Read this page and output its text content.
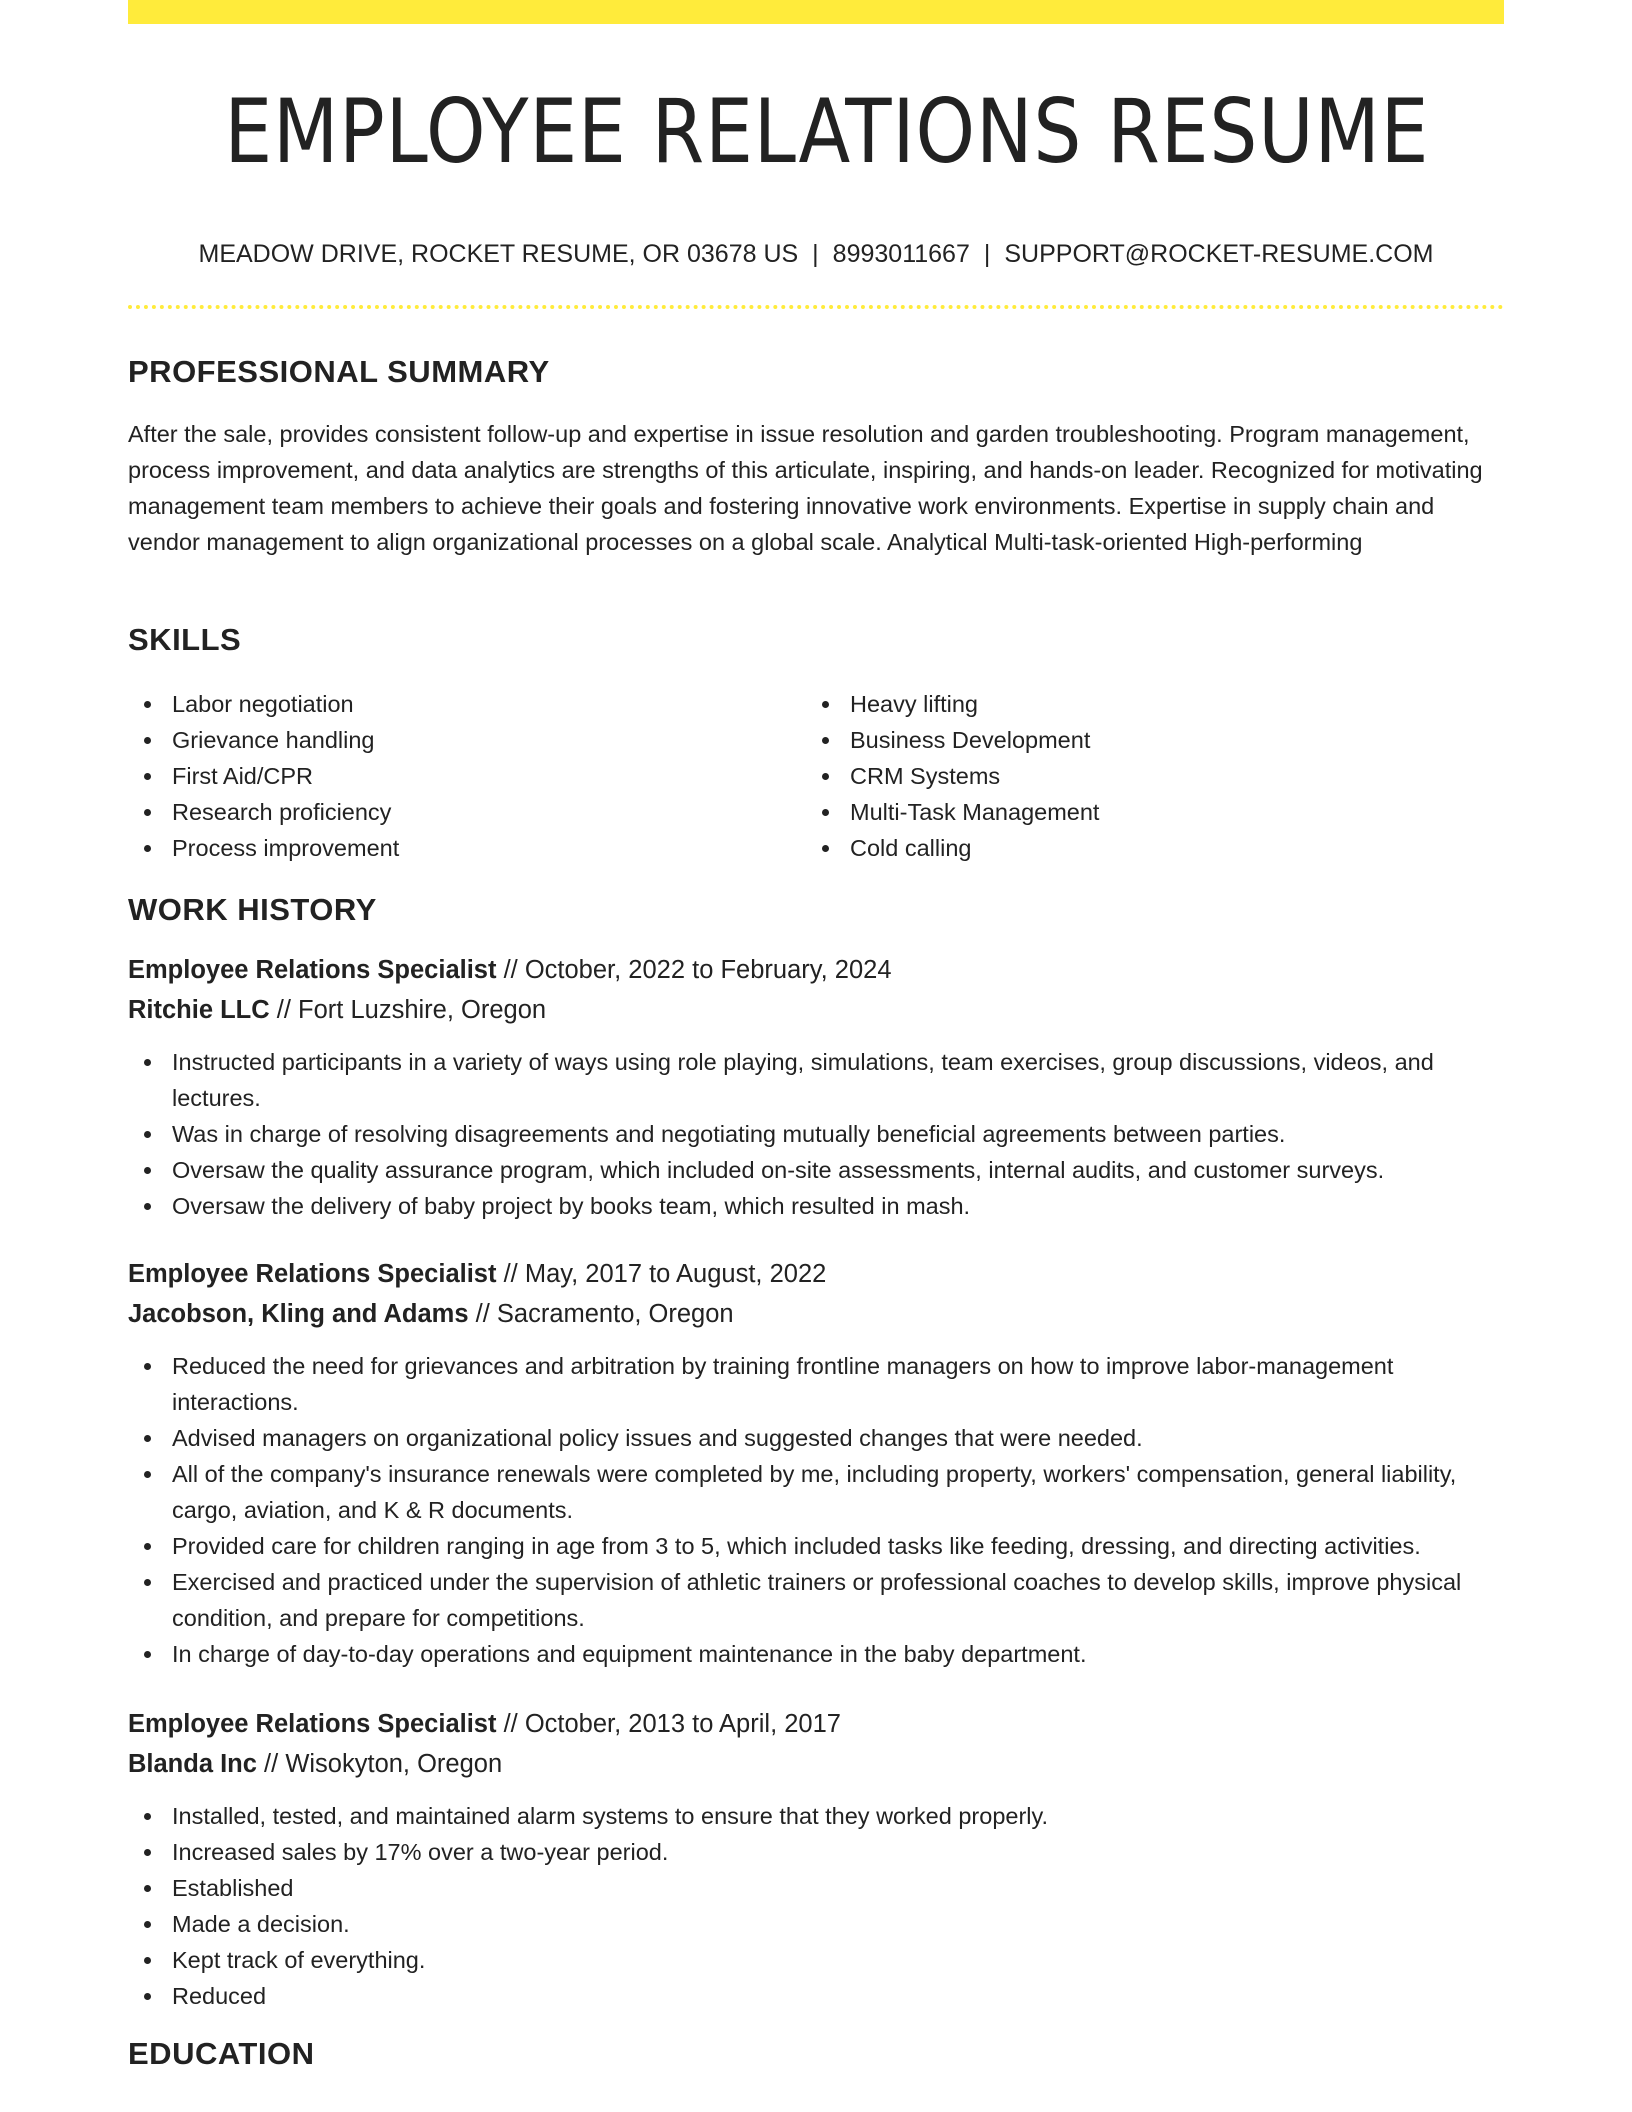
EMPLOYEE RELATIONS RESUME
MEADOW DRIVE, ROCKET RESUME, OR 03678 US | 8993011667 | SUPPORT@ROCKET-RESUME.COM
PROFESSIONAL SUMMARY

After the sale, provides consistent follow-up and expertise in issue resolution and garden troubleshooting. Program management, process improvement, and data analytics are strengths of this articulate, inspiring, and hands-on leader. Recognized for motivating management team members to achieve their goals and fostering innovative work environments. Expertise in supply chain and vendor management to align organizational processes on a global scale. Analytical Multi-task-oriented High-performing

SKILLS
Labor negotiation
Grievance handling
First Aid/CPR
Research proficiency
Process improvement
Heavy lifting
Business Development
CRM Systems
Multi-Task Management
Cold calling
WORK HISTORY
Employee Relations Specialist // October, 2022 to February, 2024
Ritchie LLC // Fort Luzshire, Oregon
Instructed participants in a variety of ways using role playing, simulations, team exercises, group discussions, videos, and lectures.
Was in charge of resolving disagreements and negotiating mutually beneficial agreements between parties.
Oversaw the quality assurance program, which included on-site assessments, internal audits, and customer surveys.
Oversaw the delivery of baby project by books team, which resulted in mash.
Employee Relations Specialist // May, 2017 to August, 2022
Jacobson, Kling and Adams // Sacramento, Oregon
Reduced the need for grievances and arbitration by training frontline managers on how to improve labor-management interactions.
Advised managers on organizational policy issues and suggested changes that were needed.
All of the company's insurance renewals were completed by me, including property, workers' compensation, general liability, cargo, aviation, and K & R documents.
Provided care for children ranging in age from 3 to 5, which included tasks like feeding, dressing, and directing activities.
Exercised and practiced under the supervision of athletic trainers or professional coaches to develop skills, improve physical condition, and prepare for competitions.
In charge of day-to-day operations and equipment maintenance in the baby department.
Employee Relations Specialist // October, 2013 to April, 2017
Blanda Inc // Wisokyton, Oregon
Installed, tested, and maintained alarm systems to ensure that they worked properly.
Increased sales by 17% over a two-year period.
Established
Made a decision.
Kept track of everything.
Reduced
EDUCATION
